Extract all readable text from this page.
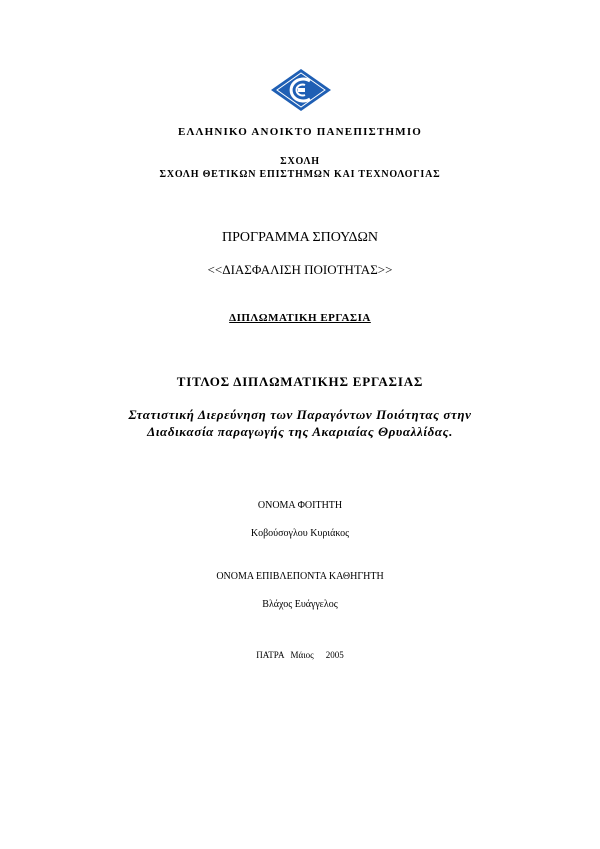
ΕΛΛΗΝΙΚΟ ΑΝΟΙΚΤΟ ΠΑΝΕΠΙΣΤΗΜΙΟ
ΣΧΟΛΗ
ΣΧΟΛΗ ΘΕΤΙΚΩΝ ΕΠΙΣΤΗΜΩΝ ΚΑΙ ΤΕΧΝΟΛΟΓΙΑΣ
ΠΡΟΓΡΑΜΜΑ ΣΠΟΥΔΩΝ
<<ΔΙΑΣΦΑΛΙΣΗ ΠΟΙΟΤΗΤΑΣ>>
ΔΙΠΛΩΜΑΤΙΚΗ ΕΡΓΑΣΙΑ
ΤΙΤΛΟΣ ΔΙΠΛΩΜΑΤΙΚΗΣ ΕΡΓΑΣΙΑΣ
Στατιστική Διερεύνηση των Παραγόντων Ποιότητας στην
Διαδικασία παραγωγής της Ακαριαίας Θρυαλλίδας.
ΟΝΟΜΑ ΦΟΙΤΗΤΗ
Κοβούσογλου Κυριάκος
ΟΝΟΜΑ ΕΠΙΒΛΕΠΟΝΤΑ ΚΑΘΗΓΗΤΗ
Βλάχος Ευάγγελος
ΠΑΤΡΑ Μάιος 2005
